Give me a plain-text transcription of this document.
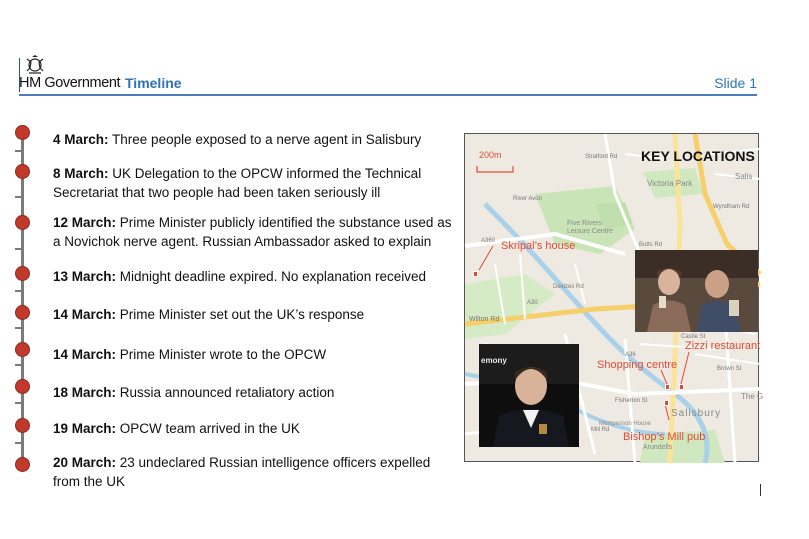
HM Government Timeline	Slide 1
4 March: Three people exposed to a nerve agent in Salisbury
8 March: UK Delegation to the OPCW informed the Technical Secretariat that two people had been taken seriously ill
12 March: Prime Minister publicly identified the substance used as a Novichok nerve agent. Russian Ambassador asked to explain
13 March: Midnight deadline expired. No explanation received
14 March: Prime Minister set out the UK’s response
14 March: Prime Minister wrote to the OPCW
18 March: Russia announced retaliatory action
19 March: OPCW team arrived in the UK
20 March: 23 undeclared Russian intelligence officers expelled from the UK
200m	KEY LOCATIONS
Victoria Park
Five Rivers
Leisure Centre
Salisbury
Mompesson House
Arundells
The G
Salis
Wilton Rd
River Avon
A36
A360
A30
Mill Rd
Fisherton St
Castle St
Stratford Rd
Wyndham Rd
Brown St
Butts Rd
Devizes Rd
emony
Skripal’s house
Zizzi restaurant
Shopping centre
Bishop’s Mill pub
